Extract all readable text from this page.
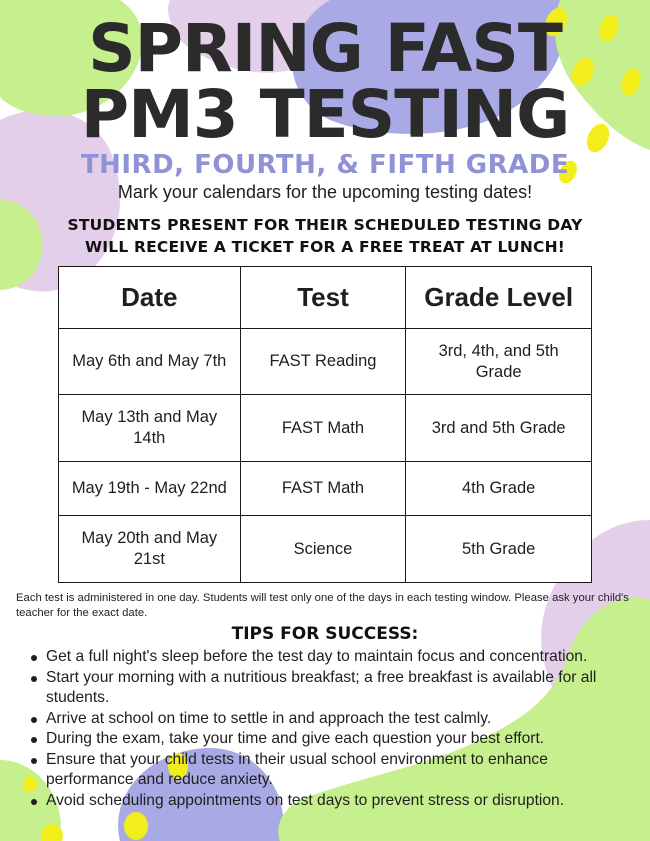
SPRING FAST
PM3 TESTING
THIRD, FOURTH, & FIFTH GRADE
Mark your calendars for the upcoming testing dates!
STUDENTS PRESENT FOR THEIR SCHEDULED TESTING DAY
WILL RECEIVE A TICKET FOR A FREE TREAT AT LUNCH!
Date	Test	Grade Level
May 6th and May 7th	FAST Reading	3rd, 4th, and 5th Grade
May 13th and May 14th	FAST Math	3rd and 5th Grade
May 19th - May 22nd	FAST Math	4th Grade
May 20th and May 21st	Science	5th Grade
Each test is administered in one day. Students will test only one of the days in each testing window. Please ask your child's teacher for the exact date.
TIPS FOR SUCCESS:
Get a full night's sleep before the test day to maintain focus and concentration.
Start your morning with a nutritious breakfast; a free breakfast is available for all students.
Arrive at school on time to settle in and approach the test calmly.
During the exam, take your time and give each question your best effort.
Ensure that your child tests in their usual school environment to enhance performance and reduce anxiety.
Avoid scheduling appointments on test days to prevent stress or disruption.
